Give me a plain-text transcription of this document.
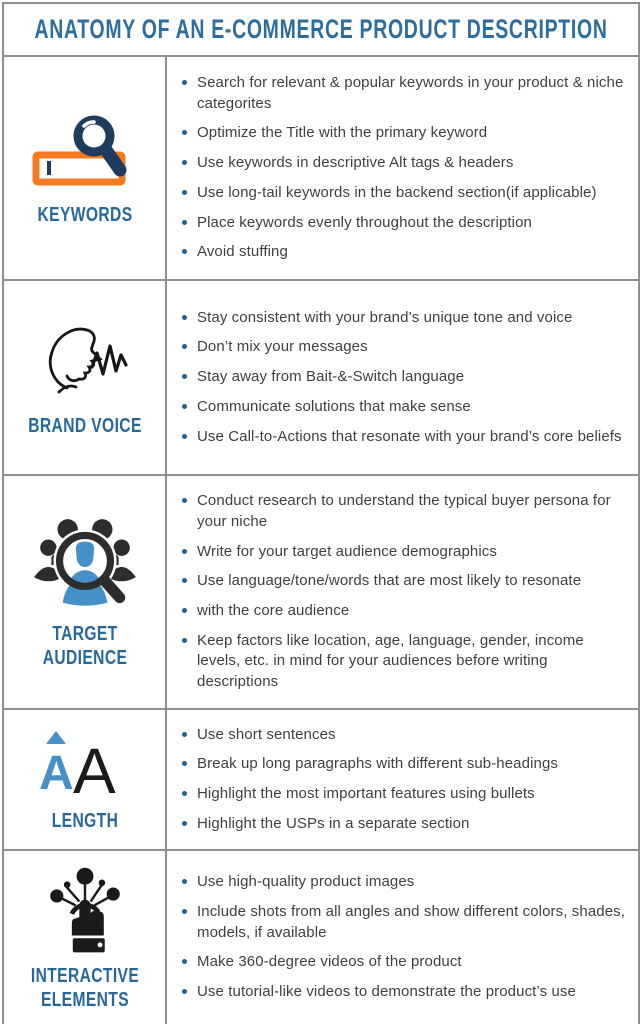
ANATOMY OF AN E-COMMERCE PRODUCT DESCRIPTION
KEYWORDS
Search for relevant & popular keywords in your product & niche categorites
Optimize the Title with the primary keyword
Use keywords in descriptive Alt tags & headers
Use long-tail keywords in the backend section(if applicable)
Place keywords evenly throughout the description
Avoid stuffing
BRAND VOICE
Stay consistent with your brand’s unique tone and voice
Don’t mix your messages
Stay away from Bait-&-Switch language
Communicate solutions that make sense
Use Call-to-Actions that resonate with your brand’s core beliefs
TARGET AUDIENCE
Conduct research to understand the typical buyer persona for your niche
Write for your target audience demographics
Use language/tone/words that are most likely to resonate
with the core audience
Keep factors like location, age, language, gender, income levels, etc. in mind for your audiences before writing descriptions
A A
LENGTH
Use short sentences
Break up long paragraphs with different sub-headings
Highlight the most important features using bullets
Highlight the USPs in a separate section
INTERACTIVE ELEMENTS
Use high-quality product images
Include shots from all angles and show different colors, shades, models, if available
Make 360-degree videos of the product
Use tutorial-like videos to demonstrate the product’s use
